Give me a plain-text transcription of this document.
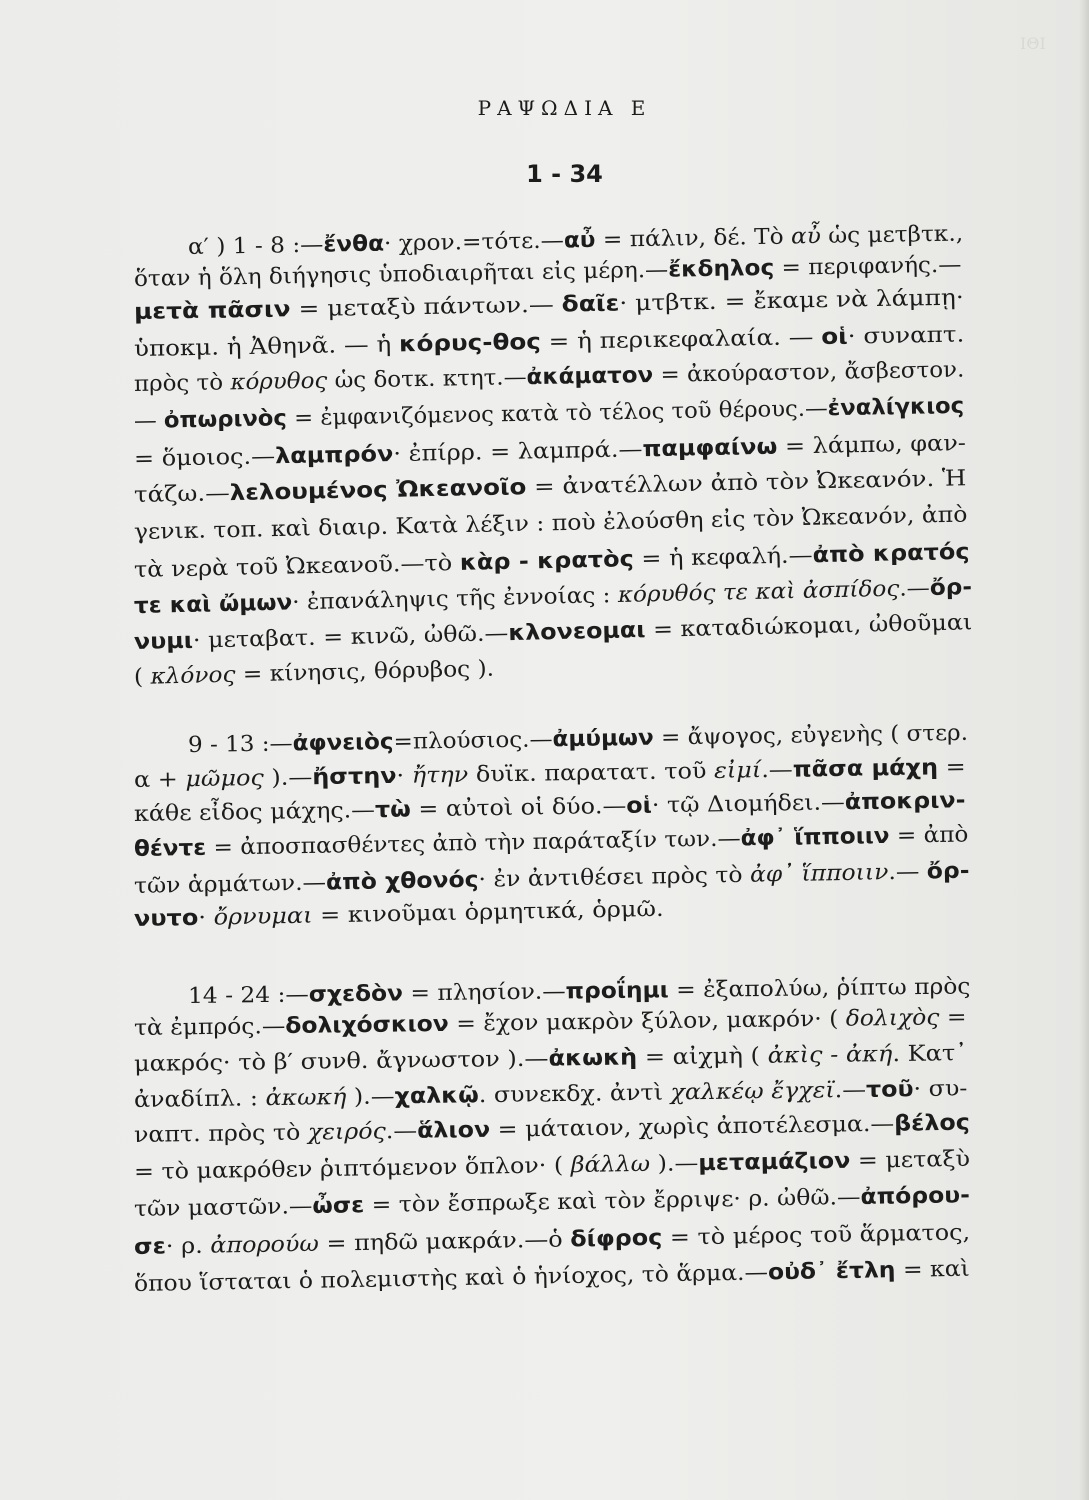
ΙΘΙ
ΡΑΨΩΔΙΑ Ε
1 - 34
α′ ) 1 - 8 :—ἔνθα· χρον.=τότε.—αὖ = πάλιν, δέ. Τὸ αὖ ὡς μετβτκ.,
ὅταν ἡ ὅλη διήγησις ὑποδιαιρῆται εἰς μέρη.—ἔκδηλος = περιφανής.—
μετὰ πᾶσιν = μεταξὺ πάντων.— δαῖε· μτβτκ. = ἔκαμε νὰ λάμπῃ·
ὑποκμ. ἡ Ἀθηνᾶ. — ἡ κόρυς-θος = ἡ περικεφαλαία. — οἱ· συναπτ.
πρὸς τὸ κόρυθος ὡς δοτκ. κτητ.—ἀκάματον = ἀκούραστον, ἄσβεστον.
— ὀπωρινὸς = ἐμφανιζόμενος κατὰ τὸ τέλος τοῦ θέρους.—ἐναλίγκιος
= ὅμοιος.—λαμπρόν· ἐπίρρ. = λαμπρά.—παμφαίνω = λάμπω, φαν-
τάζω.—λελουμένος Ὠκεανοῖο = ἀνατέλλων ἀπὸ τὸν Ὠκεανόν. Ἡ
γενικ. τοπ. καὶ διαιρ. Κατὰ λέξιν : ποὺ ἐλούσθη εἰς τὸν Ὠκεανόν, ἀπὸ
τὰ νερὰ τοῦ Ὠκεανοῦ.—τὸ κὰρ - κρατὸς = ἡ κεφαλή.—ἀπὸ κρατός
τε καὶ ὤμων· ἐπανάληψις τῆς ἐννοίας : κόρυθός τε καὶ ἀσπίδος.—ὄρ-
νυμι· μεταβατ. = κινῶ, ὠθῶ.—κλονεομαι = καταδιώκομαι, ὠθοῦμαι
( κλόνος = κίνησις, θόρυβος ).
9 - 13 :—ἀφνειὸς=πλούσιος.—ἀμύμων = ἄψογος, εὐγενὴς ( στερ.
α + μῶμος ).—ἤστην· ἤτην δυϊκ. παρατατ. τοῦ εἰμί.—πᾶσα μάχη =
κάθε εἶδος μάχης.—τὼ = αὐτοὶ οἱ δύο.—οἱ· τῷ Διομήδει.—ἀποκριν-
θέντε = ἀποσπασθέντες ἀπὸ τὴν παράταξίν των.—ἀφ᾽ ἵπποιιν = ἀπὸ
τῶν ἁρμάτων.—ἀπὸ χθονός· ἐν ἀντιθέσει πρὸς τὸ ἀφ᾽ ἵπποιιν.— ὄρ-
νυτο· ὄρνυμαι = κινοῦμαι ὁρμητικά, ὁρμῶ.
14 - 24 :—σχεδὸν = πλησίον.—προΐημι = ἐξαπολύω, ῥίπτω πρὸς
τὰ ἐμπρός.—δολιχόσκιον = ἔχον μακρὸν ξύλον, μακρόν· ( δολιχὸς =
μακρός· τὸ β′ συνθ. ἄγνωστον ).—ἀκωκὴ = αἰχμὴ ( ἀκὶς - ἀκή. Κατ᾽
ἀναδίπλ. : ἀκωκή ).—χαλκῷ. συνεκδχ. ἀντὶ χαλκέῳ ἔγχεϊ.—τοῦ· συ-
ναπτ. πρὸς τὸ χειρός.—ἅλιον = μάταιον, χωρὶς ἀποτέλεσμα.—βέλος
= τὸ μακρόθεν ῥιπτόμενον ὅπλον· ( βάλλω ).—μεταμάζιον = μεταξὺ
τῶν μαστῶν.—ὦσε = τὸν ἔσπρωξε καὶ τὸν ἔρριψε· ρ. ὠθῶ.—ἀπόρου-
σε· ρ. ἀπορούω = πηδῶ μακράν.—ὁ δίφρος = τὸ μέρος τοῦ ἅρματος,
ὅπου ἵσταται ὁ πολεμιστὴς καὶ ὁ ἡνίοχος, τὸ ἅρμα.—οὐδ᾽ ἔτλη = καὶ
